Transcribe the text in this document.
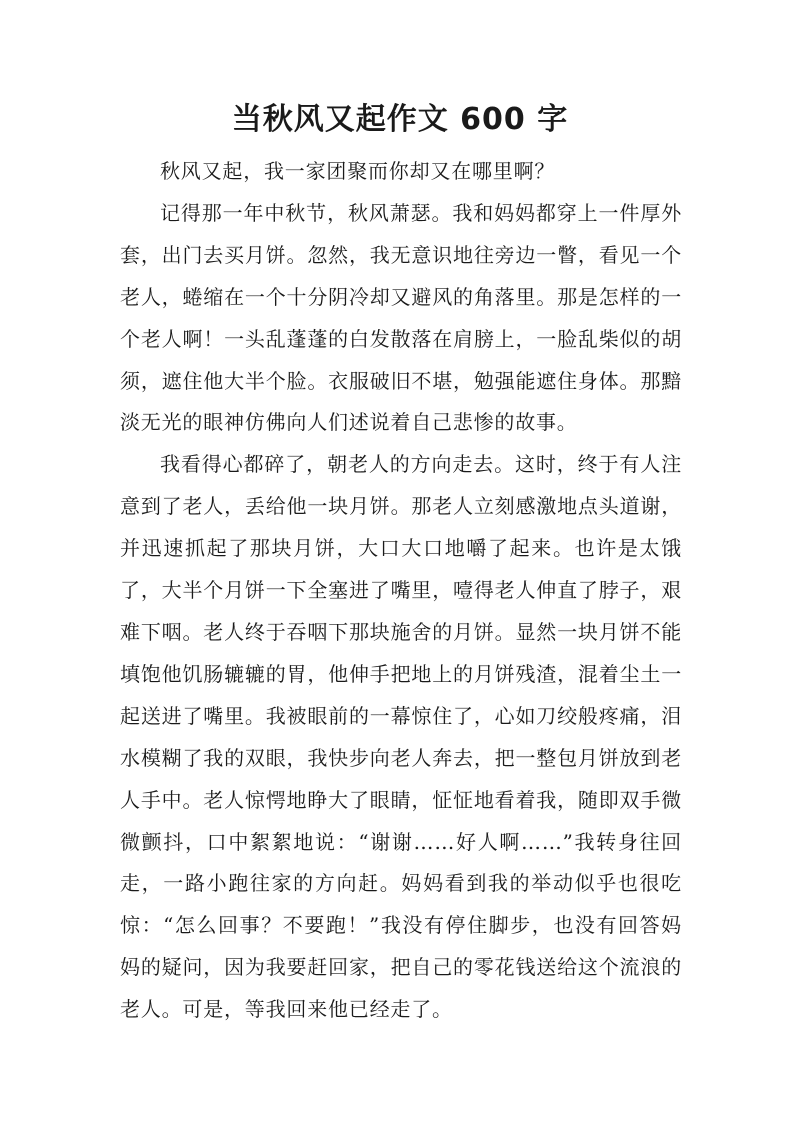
当秋风又起作文 600 字

秋风又起，我一家团聚而你却又在哪里啊？

记得那一年中秋节，秋风萧瑟。我和妈妈都穿上一件厚外套，出门去买月饼。忽然，我无意识地往旁边一瞥，看见一个老人，蜷缩在一个十分阴冷却又避风的角落里。那是怎样的一个老人啊！一头乱蓬蓬的白发散落在肩膀上，一脸乱柴似的胡须，遮住他大半个脸。衣服破旧不堪，勉强能遮住身体。那黯淡无光的眼神仿佛向人们述说着自己悲惨的故事。

我看得心都碎了，朝老人的方向走去。这时，终于有人注意到了老人，丢给他一块月饼。那老人立刻感激地点头道谢，并迅速抓起了那块月饼，大口大口地嚼了起来。也许是太饿了，大半个月饼一下全塞进了嘴里，噎得老人伸直了脖子，艰难下咽。老人终于吞咽下那块施舍的月饼。显然一块月饼不能填饱他饥肠辘辘的胃，他伸手把地上的月饼残渣，混着尘土一起送进了嘴里。我被眼前的一幕惊住了，心如刀绞般疼痛，泪水模糊了我的双眼，我快步向老人奔去，把一整包月饼放到老人手中。老人惊愕地睁大了眼睛，怔怔地看着我，随即双手微微颤抖，口中絮絮地说：“谢谢……好人啊……”我转身往回走，一路小跑往家的方向赶。妈妈看到我的举动似乎也很吃惊：“怎么回事？不要跑！”我没有停住脚步，也没有回答妈妈的疑问，因为我要赶回家，把自己的零花钱送给这个流浪的老人。可是，等我回来他已经走了。
